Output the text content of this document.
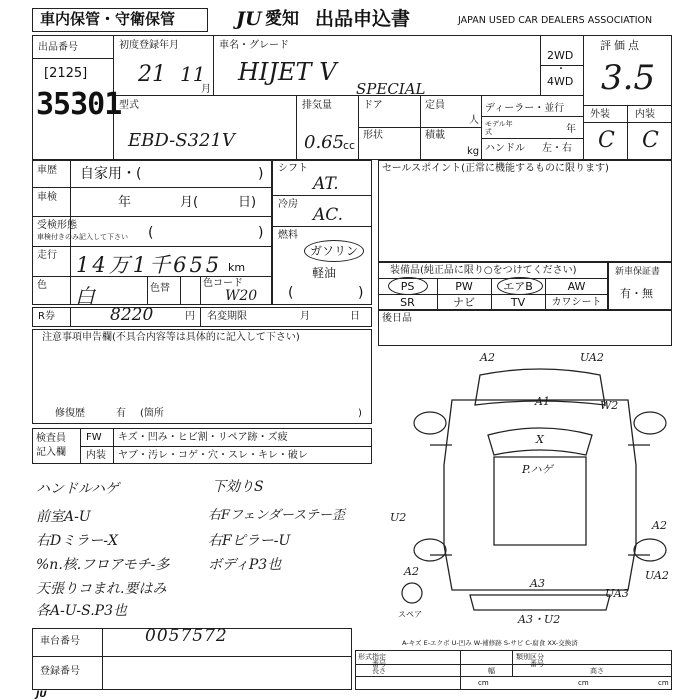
車内保管・守衛保管	JU 愛知 出品申込書	JAPAN USED CAR DEALERS ASSOCIATION
出品番号
[2125]
35301
初度登録年月
21 11
月
車名・グレード
HIJET V
SPECIAL
2WD
・
4WD
評価点
3.5
型式
EBD-S321V
排気量
0.65
cc
ドア	定員
人
形状	積載
kg
ディーラー・並行
モデル年式	年
ハンドル 左・右
外装	内装
C C
車歴 自家用・(	)
車検	年	月(	日)
受検形態
車検付きのみ記入して下さい (	)
走行 14万1千655 km
色 白	色替	色コード
W20
シフト
AT.
冷房
AC.
燃料
ガソリン
軽油
(	)
セールスポイント(正常に機能するものに限ります)
装備品(純正品に限り○をつけてください)
PS	PW	エアB	AW
SR	ナビ	TV	カワシート
新車保証書
有・無
R券	8220	円 名変期限	月	日 後日品
注意事項申告欄(不具合内容等は具体的に記入して下さい)
修復歴	有 (箇所	)
検査員
記入欄
FW キズ・凹み・ヒビ割・リペア跡・ズ疲
内装 ヤブ・汚レ・コゲ・穴・スレ・キレ・破レ
ハンドルハゲ
前室A-U
右Dミラー-X
%n.核.フロアモチ-多
天張りコまれ.要はみ
各A-U-S.P3也
下効りS
右Fフェンダーステー歪
右Fピラー-U
ボディP3也
車台番号	0057572
登録番号
A2	UA2
A1	W2
X
P.ハゲ
U2
A2	UA2
A2
A3
UA3
A3・U2
スペア
A-キズ E-エクボ U-凹み W-補修跡 S-サビ C-腐食 XX-交換済
形式指定
番号
類別区分
番号
長さ	幅	高さ
cm	cm	cm
JU
